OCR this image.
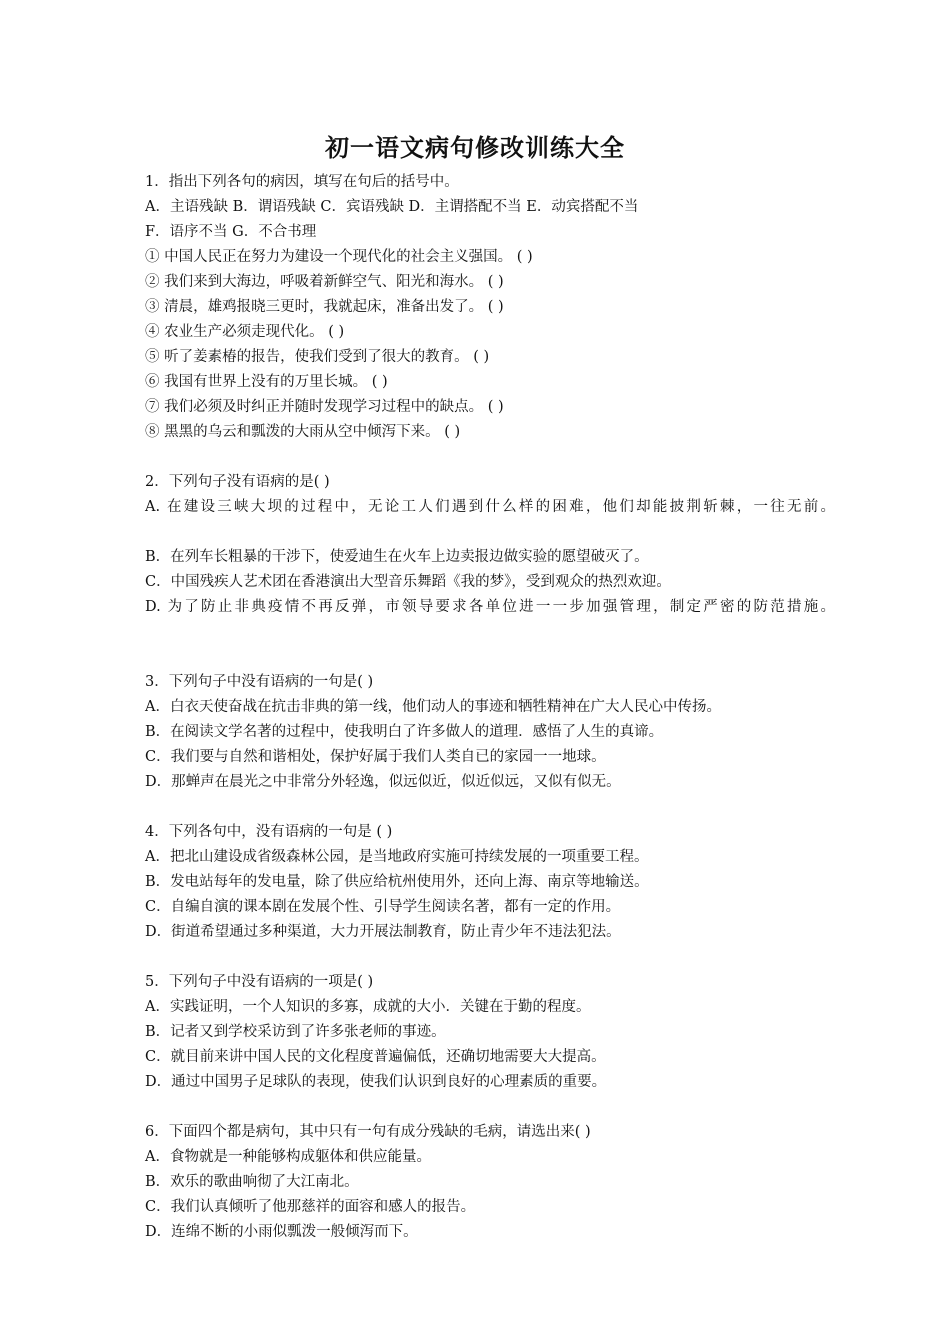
初一语文病句修改训练大全
1．指出下列各句的病因，填写在句后的括号中。
A．主语残缺 B．谓语残缺 C．宾语残缺 D．主谓搭配不当 E．动宾搭配不当
F．语序不当 G．不合书理
① 中国人民正在努力为建设一个现代化的社会主义强国。 ( )
② 我们来到大海边，呼吸着新鲜空气、阳光和海水。 ( )
③ 清晨，雄鸡报晓三更时，我就起床，准备出发了。 ( )
④ 农业生产必须走现代化。 ( )
⑤ 听了姜素椿的报告，使我们受到了很大的教育。 ( )
⑥ 我国有世界上没有的万里长城。 ( )
⑦ 我们必须及时纠正并随时发现学习过程中的缺点。 ( )
⑧ 黑黑的乌云和瓢泼的大雨从空中倾泻下来。 ( )
2．下列句子没有语病的是( )
A. 在建设三峡大坝的过程中，无论工人们遇到什么样的困难，他们却能披荆斩棘，一往无前。
B．在列车长粗暴的干涉下，使爱迪生在火车上边卖报边做实验的愿望破灭了。
C．中国残疾人艺术团在香港演出大型音乐舞蹈《我的梦》，受到观众的热烈欢迎。
D. 为了防止非典疫情不再反弹，市领导要求各单位进一一步加强管理，制定严密的防范措施。
3．下列句子中没有语病的一句是( )
A．白衣天使奋战在抗击非典的第一线，他们动人的事迹和牺牲精神在广大人民心中传扬。
B．在阅读文学名著的过程中，使我明白了许多做人的道理．感悟了人生的真谛。
C．我们要与自然和谐相处，保护好属于我们人类自已的家园一一地球。
D．那蝉声在晨光之中非常分外轻逸，似远似近，似近似远，又似有似无。
4．下列各句中，没有语病的一句是 ( )
A．把北山建设成省级森林公园，是当地政府实施可持续发展的一项重要工程。
B．发电站每年的发电量，除了供应给杭州使用外，还向上海、南京等地输送。
C．自编自演的课本剧在发展个性、引导学生阅读名著，都有一定的作用。
D．街道希望通过多种渠道，大力开展法制教育，防止青少年不违法犯法。
5．下列句子中没有语病的一项是( )
A．实践证明，一个人知识的多寡，成就的大小．关键在于勤的程度。
B．记者又到学校采访到了许多张老师的事迹。
C．就目前来讲中国人民的文化程度普遍偏低，还确切地需要大大提高。
D．通过中国男子足球队的表现，使我们认识到良好的心理素质的重要。
6．下面四个都是病句，其中只有一句有成分残缺的毛病，请选出来( )
A．食物就是一种能够构成躯体和供应能量。
B．欢乐的歌曲响彻了大江南北。
C．我们认真倾听了他那慈祥的面容和感人的报告。
D．连绵不断的小雨似瓢泼一般倾泻而下。
